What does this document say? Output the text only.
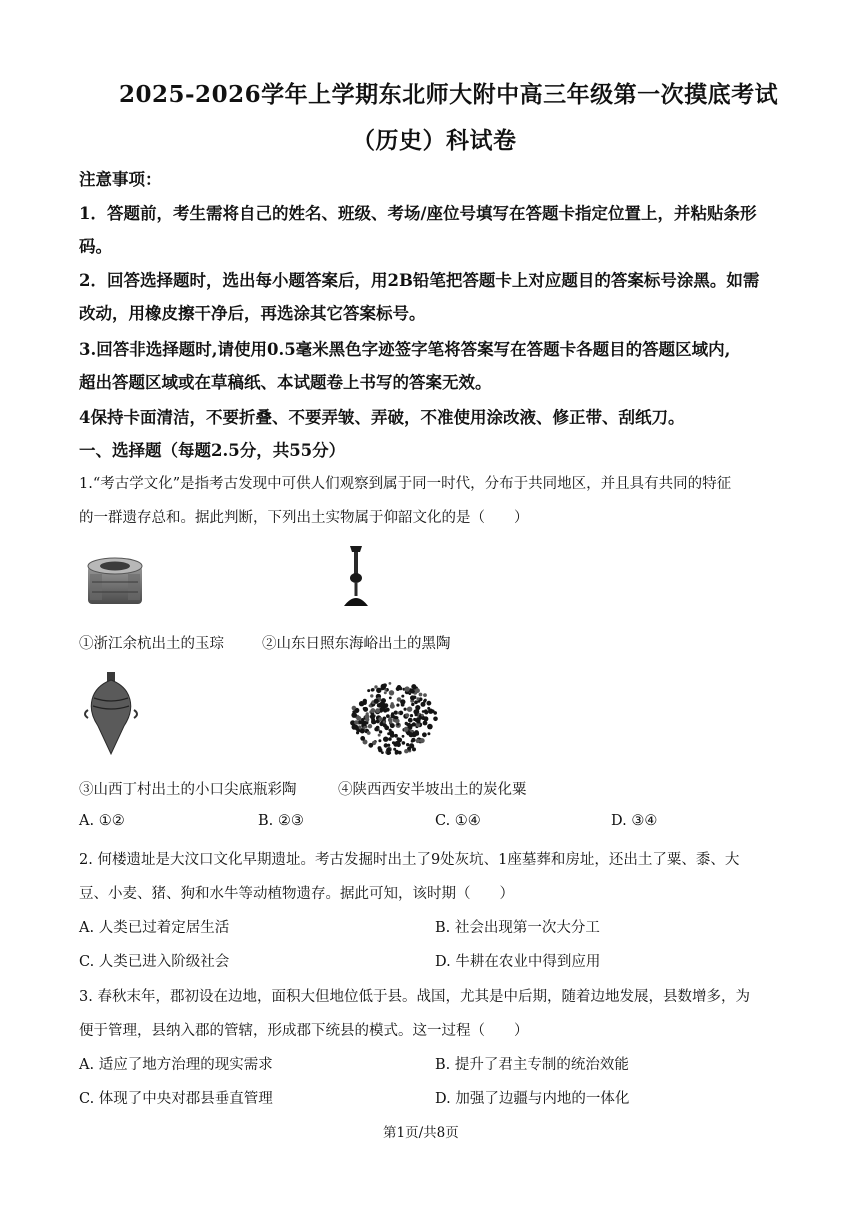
2025-2026学年上学期东北师大附中高三年级第一次摸底考试
（历史）科试卷
注意事项：
1．答题前，考生需将自己的姓名、班级、考场/座位号填写在答题卡指定位置上，并粘贴条形
码。
2．回答选择题时，选出每小题答案后，用2B铅笔把答题卡上对应题目的答案标号涂黑。如需
改动，用橡皮擦干净后，再选涂其它答案标号。
3.回答非选择题时,请使用0.5毫米黑色字迹签字笔将答案写在答题卡各题目的答题区域内,
超出答题区域或在草稿纸、本试题卷上书写的答案无效。
4保持卡面清洁，不要折叠、不要弄皱、弄破，不准使用涂改液、修正带、刮纸刀。
一、选择题（每题2.5分，共55分）
1.“考古学文化”是指考古发现中可供人们观察到属于同一时代，分布于共同地区，并且具有共同的特征
的一群遗存总和。据此判断，下列出土实物属于仰韶文化的是（　　）
①浙江余杭出土的玉琮	②山东日照东海峪出土的黑陶
③山西丁村出土的小口尖底瓶彩陶	④陕西西安半坡出土的炭化粟
A. ①②	B. ②③	C. ①④	D. ③④
2. 何楼遗址是大汶口文化早期遗址。考古发掘时出土了9处灰坑、1座墓葬和房址，还出土了粟、黍、大
豆、小麦、猪、狗和水牛等动植物遗存。据此可知，该时期（　　）
A. 人类已过着定居生活	B. 社会出现第一次大分工
C. 人类已进入阶级社会	D. 牛耕在农业中得到应用
3. 春秋末年，郡初设在边地，面积大但地位低于县。战国，尤其是中后期，随着边地发展，县数增多，为
便于管理，县纳入郡的管辖，形成郡下统县的模式。这一过程（　　）
A. 适应了地方治理的现实需求	B. 提升了君主专制的统治效能
C. 体现了中央对郡县垂直管理	D. 加强了边疆与内地的一体化
第1页/共8页
